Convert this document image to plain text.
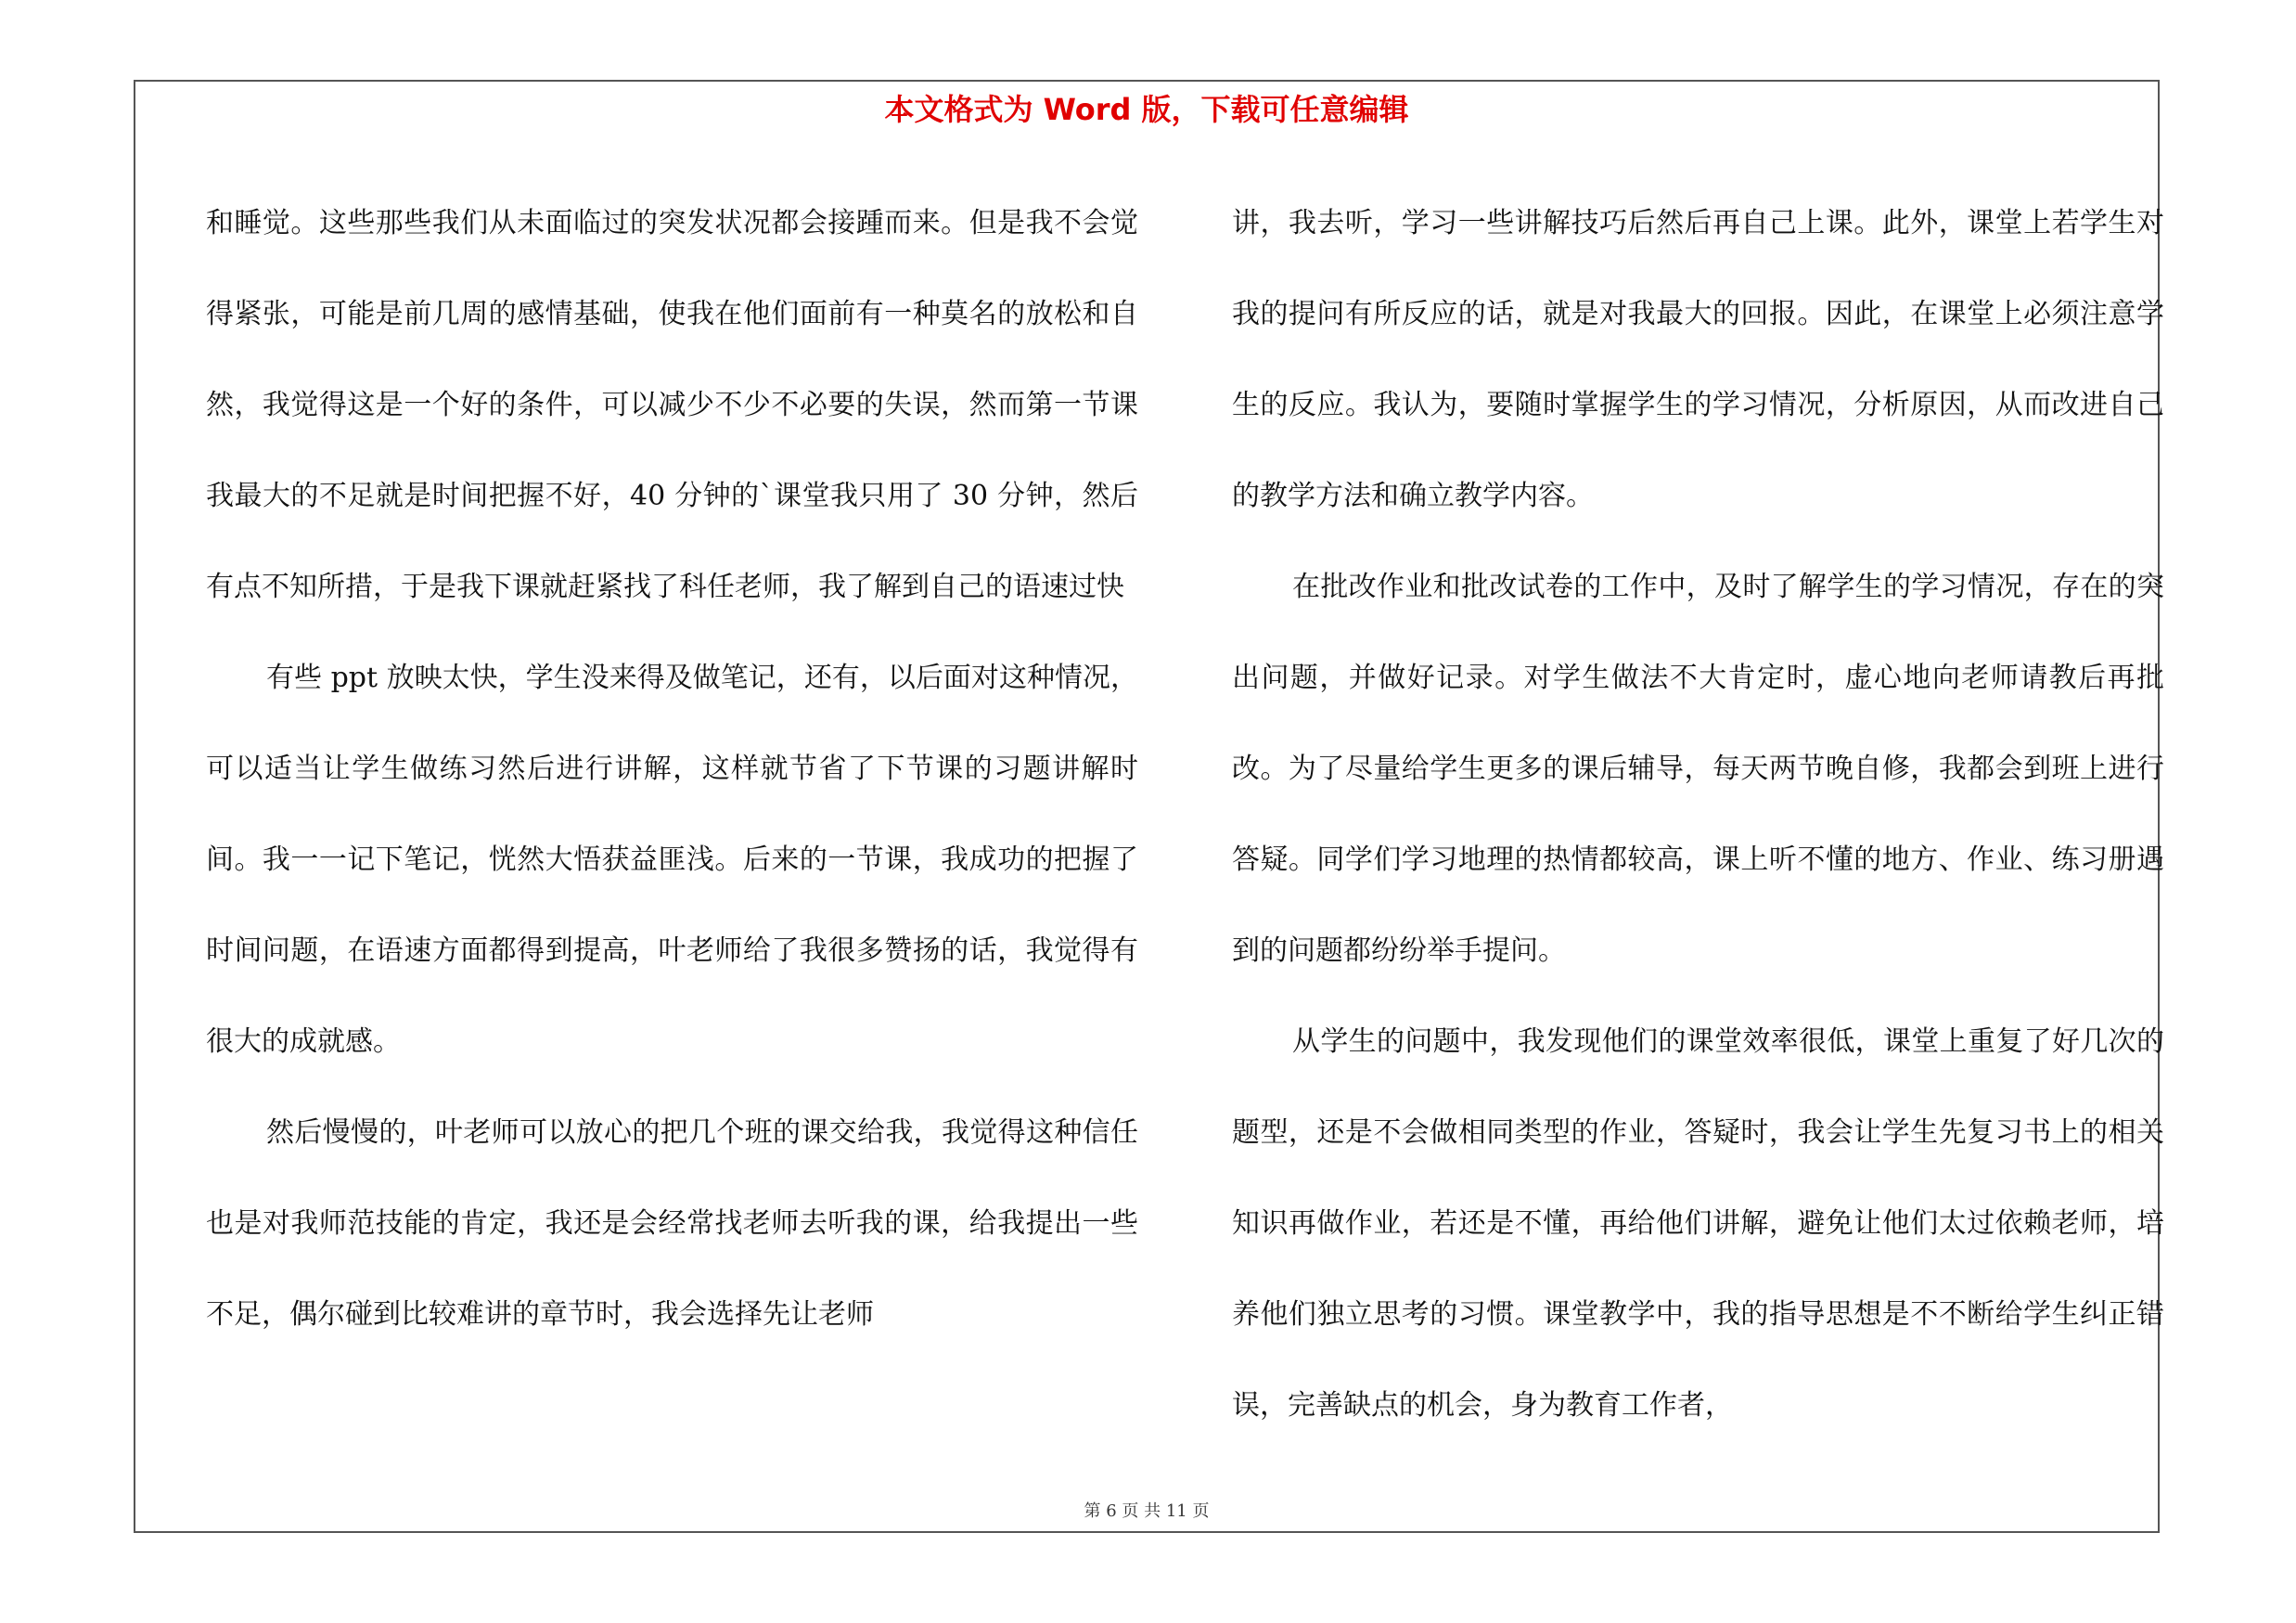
本文格式为 Word 版，下载可任意编辑

和睡觉。这些那些我们从未面临过的突发状况都会接踵而来。但是我不会觉得紧张，可能是前几周的感情基础，使我在他们面前有一种莫名的放松和自然，我觉得这是一个好的条件，可以减少不少不必要的失误，然而第一节课我最大的不足就是时间把握不好，40 分钟的`课堂我只用了 30 分钟，然后有点不知所措，于是我下课就赶紧找了科任老师，我了解到自己的语速过快

有些 ppt 放映太快，学生没来得及做笔记，还有，以后面对这种情况，可以适当让学生做练习然后进行讲解，这样就节省了下节课的习题讲解时间。我一一记下笔记，恍然大悟获益匪浅。后来的一节课，我成功的把握了时间问题，在语速方面都得到提高，叶老师给了我很多赞扬的话，我觉得有很大的成就感。

然后慢慢的，叶老师可以放心的把几个班的课交给我，我觉得这种信任也是对我师范技能的肯定，我还是会经常找老师去听我的课，给我提出一些不足，偶尔碰到比较难讲的章节时，我会选择先让老师

讲，我去听，学习一些讲解技巧后然后再自己上课。此外，课堂上若学生对我的提问有所反应的话，就是对我最大的回报。因此，在课堂上必须注意学生的反应。我认为，要随时掌握学生的学习情况，分析原因，从而改进自己的教学方法和确立教学内容。

在批改作业和批改试卷的工作中，及时了解学生的学习情况，存在的突出问题，并做好记录。对学生做法不大肯定时，虚心地向老师请教后再批改。为了尽量给学生更多的课后辅导，每天两节晚自修，我都会到班上进行答疑。同学们学习地理的热情都较高，课上听不懂的地方、作业、练习册遇到的问题都纷纷举手提问。

从学生的问题中，我发现他们的课堂效率很低，课堂上重复了好几次的题型，还是不会做相同类型的作业，答疑时，我会让学生先复习书上的相关知识再做作业，若还是不懂，再给他们讲解，避免让他们太过依赖老师，培养他们独立思考的习惯。课堂教学中，我的指导思想是不不断给学生纠正错误，完善缺点的机会，身为教育工作者，

第 6 页 共 11 页
